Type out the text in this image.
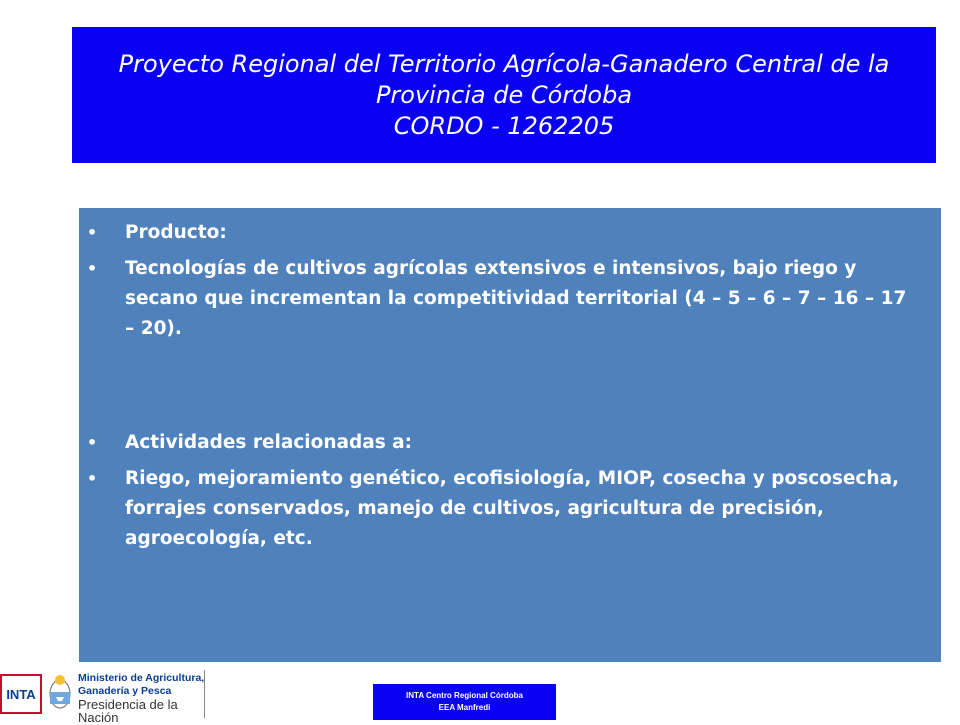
Proyecto Regional del Territorio Agrícola-Ganadero Central de la
Provincia de Córdoba
CORDO - 1262205
•	Producto:
•	Tecnologías de cultivos agrícolas extensivos e intensivos, bajo riego y secano que incrementan la competitividad territorial (4 – 5 – 6 – 7 – 16 – 17 – 20).
•	Actividades relacionadas a:
•	Riego, mejoramiento genético, ecofisiología, MIOP, cosecha y poscosecha, forrajes conservados, manejo de cultivos, agricultura de precisión, agroecología, etc.
INTA
Ministerio de Agricultura,
Ganadería y Pesca
Presidencia de la Nación
INTA Centro Regional Córdoba
EEA Manfredi
